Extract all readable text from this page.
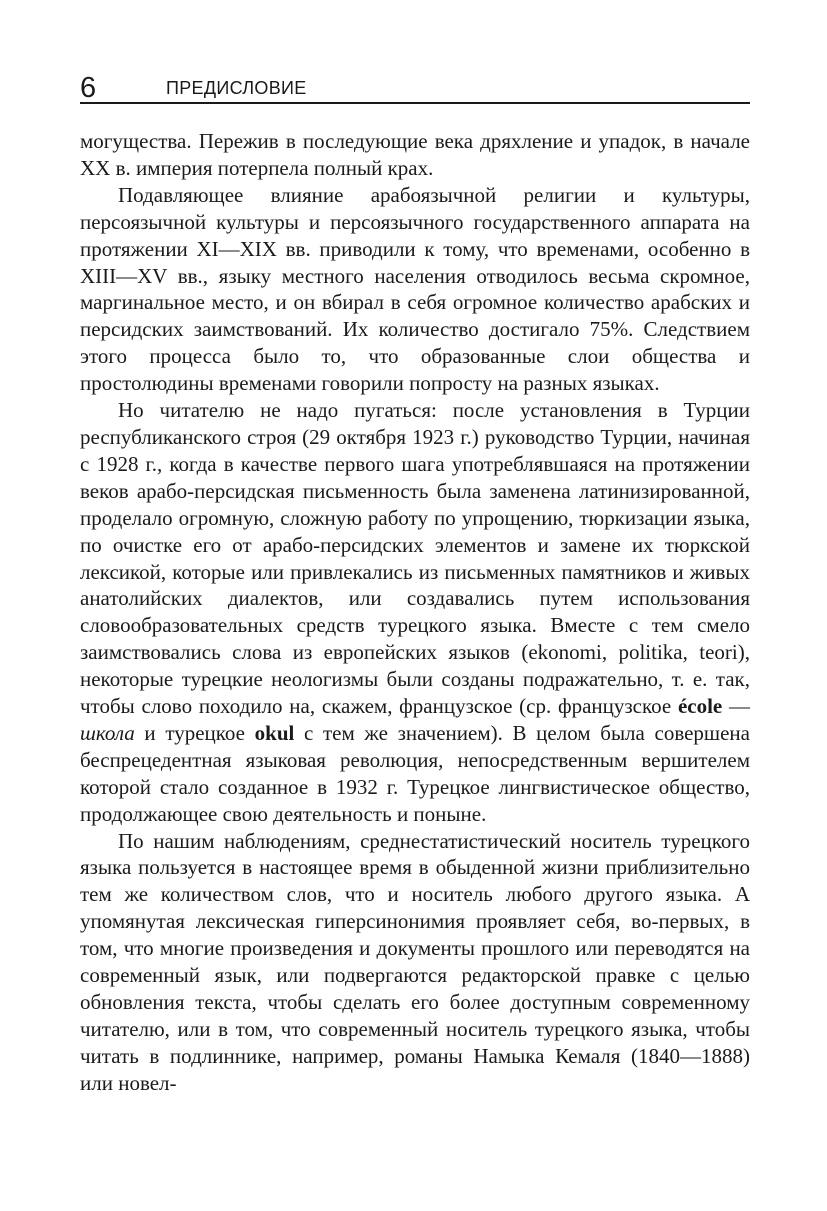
6	ПРЕДИСЛОВИЕ

могущества. Пережив в последующие века дряхление и упадок, в начале XX в. империя потерпела полный крах.

Подавляющее влияние арабоязычной религии и культуры, персоязычной культуры и персоязычного государственного аппарата на протяжении XI—XIX вв. приводили к тому, что временами, особенно в XIII—XV вв., языку местного населения отводилось весьма скромное, маргинальное место, и он вбирал в себя огромное количество арабских и персидских заимствований. Их количество достигало 75%. Следствием этого процесса было то, что образованные слои общества и простолюдины временами говорили попросту на разных языках.

Но читателю не надо пугаться: после установления в Турции республиканского строя (29 октября 1923 г.) руководство Турции, начиная с 1928 г., когда в качестве первого шага употреблявшаяся на протяжении веков арабо-персидская письменность была заменена латинизированной, проделало огромную, сложную работу по упрощению, тюркизации языка, по очистке его от арабо-персидских элементов и замене их тюркской лексикой, которые или привлекались из письменных памятников и живых анатолийских диалектов, или создавались путем использования словообразовательных средств турецкого языка. Вместе с тем смело заимствовались слова из европейских языков (ekonomi, politika, teori), некоторые турецкие неологизмы были созданы подражательно, т. е. так, чтобы слово походило на, скажем, французское (ср. французское école —школа и турецкое okul с тем же значением). В целом была совершена беспрецедентная языковая революция, непосредственным вершителем которой стало созданное в 1932 г. Турецкое лингвистическое общество, продолжающее свою деятельность и поныне.

По нашим наблюдениям, среднестатистический носитель турецкого языка пользуется в настоящее время в обыденной жизни приблизительно тем же количеством слов, что и носитель любого другого языка. А упомянутая лексическая гиперсинонимия проявляет себя, во-первых, в том, что многие произведения и документы прошлого или переводятся на современный язык, или подвергаются редакторской правке с целью обновления текста, чтобы сделать его более доступным современному читателю, или в том, что современный носитель турецкого языка, чтобы читать в подлиннике, например, романы Намыка Кемаля (1840—1888) или новел-
